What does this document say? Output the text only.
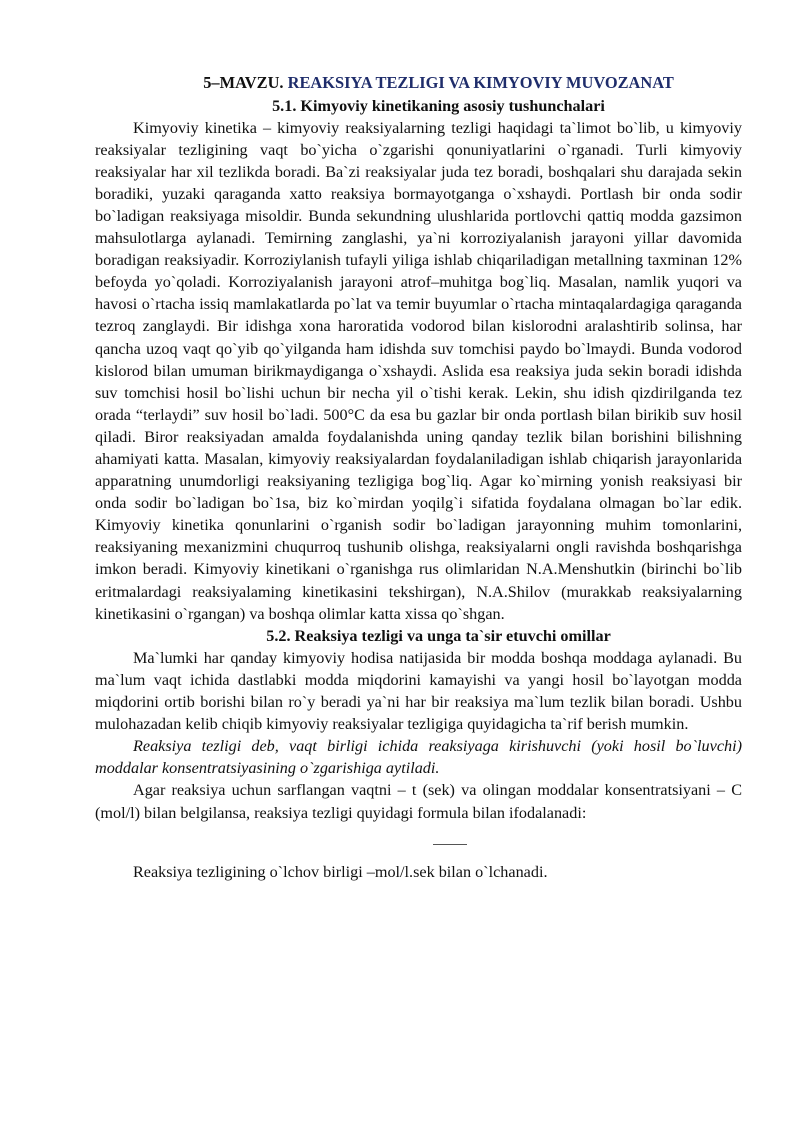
5–MAVZU. REAKSIYA TEZLIGI VA KIMYOVIY MUVOZANAT
5.1. Kimyoviy kinetikaning asosiy tushunchalari

Kimyoviy kinetika – kimyoviy reaksiyalarning tezligi haqidagi ta`limot bo`lib, u kimyoviy reaksiyalar tezligining vaqt bo`yicha o`zgarishi qonuniyatlarini o`rganadi. Turli kimyoviy reaksiyalar har xil tezlikda boradi. Ba`zi reaksiyalar juda tez boradi, boshqalari shu darajada sekin boradiki, yuzaki qaraganda xatto reaksiya bormayotganga o`xshaydi. Portlash bir onda sodir bo`ladigan reaksiyaga misoldir. Bunda sekundning ulushlarida portlovchi qattiq modda gazsimon mahsulotlarga aylanadi. Temirning zanglashi, ya`ni korroziyalanish jarayoni yillar davomida boradigan reaksiyadir. Korroziylanish tufayli yiliga ishlab chiqariladigan metallning taxminan 12% befoyda yo`qoladi. Korroziyalanish jarayoni atrof–muhitga bog`liq. Masalan, namlik yuqori va havosi o`rtacha issiq mamlakatlarda po`lat va temir buyumlar o`rtacha mintaqalardagiga qaraganda tezroq zanglaydi. Bir idishga xona haroratida vodorod bilan kislorodni aralashtirib solinsa, har qancha uzoq vaqt qo`yib qo`yilganda ham idishda suv tomchisi paydo bo`lmaydi. Bunda vodorod kislorod bilan umuman birikmaydiganga o`xshaydi. Aslida esa reaksiya juda sekin boradi idishda suv tomchisi hosil bo`lishi uchun bir necha yil o`tishi kerak. Lekin, shu idish qizdirilganda tez orada “terlaydi” suv hosil bo`ladi. 500°C da esa bu gazlar bir onda portlash bilan birikib suv hosil qiladi. Biror reaksiyadan amalda foydalanishda uning qanday tezlik bilan borishini bilishning ahamiyati katta. Masalan, kimyoviy reaksiyalardan foydalaniladigan ishlab chiqarish jarayonlarida apparatning unumdorligi reaksiyaning tezligiga bog`liq. Agar ko`mirning yonish reaksiyasi bir onda sodir bo`ladigan bo`1sa, biz ko`mirdan yoqilg`i sifatida foydalana olmagan bo`lar edik. Kimyoviy kinetika qonunlarini o`rganish sodir bo`ladigan jarayonning muhim tomonlarini, reaksiyaning mexanizmini chuqurroq tushunib olishga, reaksiyalarni ongli ravishda boshqarishga imkon beradi. Kimyoviy kinetikani o`rganishga rus olimlaridan N.A.Menshutkin (birinchi bo`lib eritmalardagi reaksiyalaming kinetikasini tekshirgan), N.A.Shilov (murakkab reaksiyalarning kinetikasini o`rgangan) va boshqa olimlar katta xissa qo`shgan.

5.2. Reaksiya tezligi va unga ta`sir etuvchi omillar

Ma`lumki har qanday kimyoviy hodisa natijasida bir modda boshqa moddaga aylanadi. Bu ma`lum vaqt ichida dastlabki modda miqdorini kamayishi va yangi hosil bo`layotgan modda miqdorini ortib borishi bilan ro`y beradi ya`ni har bir reaksiya ma`lum tezlik bilan boradi. Ushbu mulohazadan kelib chiqib kimyoviy reaksiyalar tezligiga quyidagicha ta`rif berish mumkin.

Reaksiya tezligi deb, vaqt birligi ichida reaksiyaga kirishuvchi (yoki hosil bo`luvchi) moddalar konsentratsiyasining o`zgarishiga aytiladi.

Agar reaksiya uchun sarflangan vaqtni – t (sek) va olingan moddalar konsentratsiyani – C (mol/l) bilan belgilansa, reaksiya tezligi quyidagi formula bilan ifodalanadi:

Reaksiya tezligining o`lchov birligi –mol/l.sek bilan o`lchanadi.
